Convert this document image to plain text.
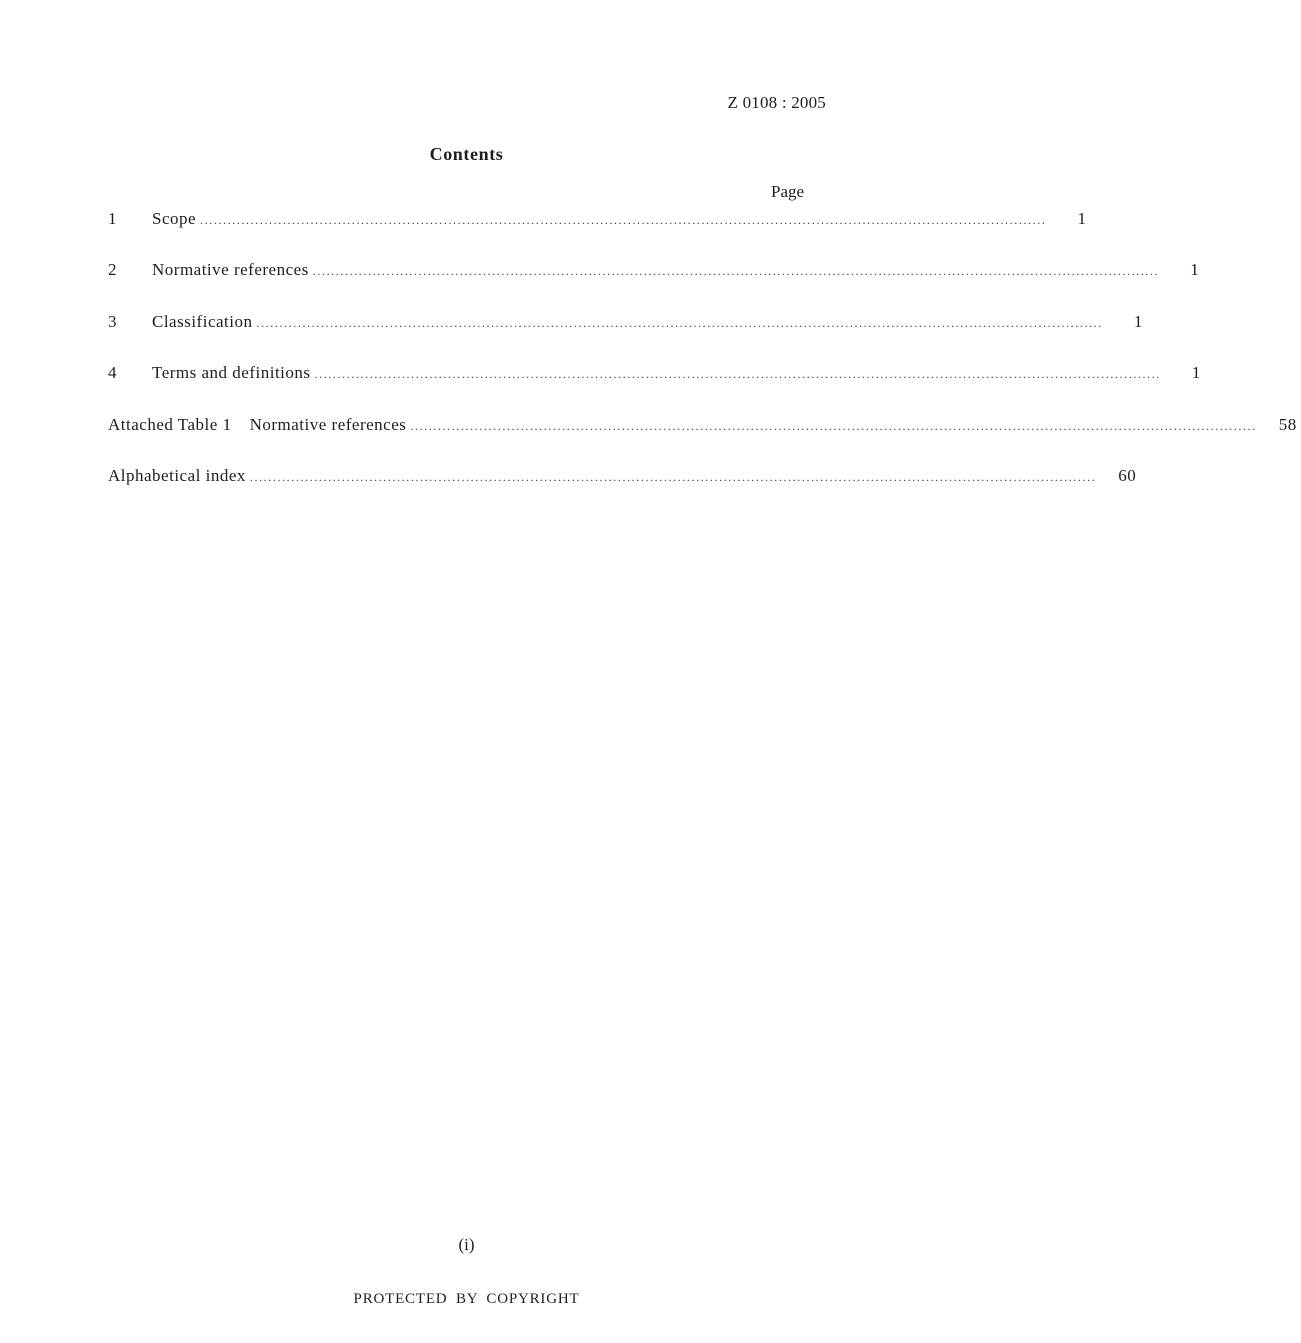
Z 0108 : 2005
Contents
Page
1	Scope ........................................................................................................................................................................................	1
2	Normative references ........................................................................................................................................................................................	1
3	Classification ........................................................................................................................................................................................	1
4	Terms and definitions ........................................................................................................................................................................................	1
Attached Table 1 Normative references ........................................................................................................................................................................................	58
Alphabetical index ........................................................................................................................................................................................	60
(i)
PROTECTED BY COPYRIGHT
